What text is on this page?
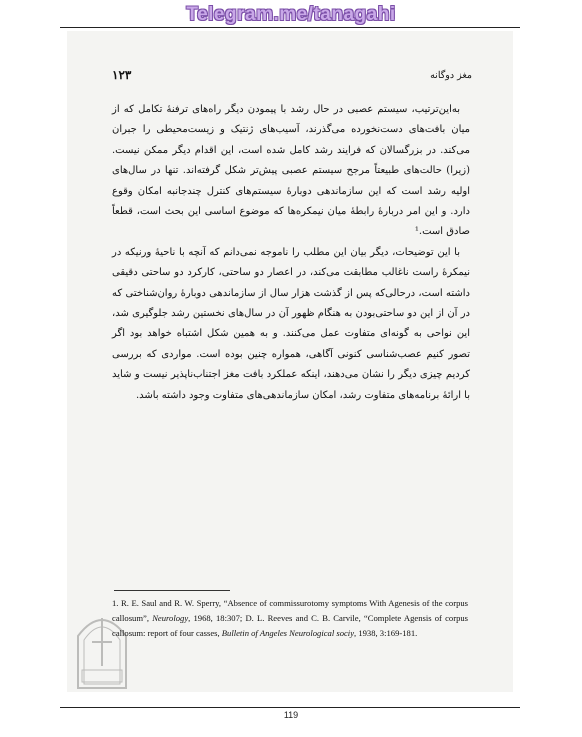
Telegram.me/tanagahi
مغز دوگانه
۱۲۳

به‌این‌ترتیب، سیستم عصبی در حال رشد با پیمودن دیگر راه‌های ترفنهٔ تکامل که از میان بافت‌های دست‌نخورده می‌گذرند، آسیب‌های ژنتیک و زیست‌محیطی را جبران می‌کند. در بزرگسالان که فرایند رشد کامل شده است، این اقدام دیگر ممکن نیست. (زیرا) حالت‌های طبیعتاً مرجح سیستم عصبی پیش‌تر شکل گرفته‌اند. تنها در سال‌های اولیه رشد است که این سازماندهی دوبارهٔ سیستم‌های کنترل چندجانبه امکان وقوع دارد. و این امر دربارهٔ رابطهٔ میان نیمکره‌ها که موضوع اساسی این بحث است، قطعاً صادق است.¹

با این توضیحات، دیگر بیان این مطلب را ناموجه نمی‌دانم که آنچه با ناحیهٔ ورنیکه در نیمکرهٔ راست ناغالب مطابقت می‌کند، در اعصار دو ساحتی، کارکرد دو ساحتی دقیقی داشته است، درحالی‌که پس از گذشت هزار سال از سازماندهی دوبارهٔ روان‌شناختی که در آن از این دو ساحتی‌بودن به هنگام ظهور آن در سال‌های نخستین رشد جلوگیری شد، این نواحی به گونه‌ای متفاوت عمل می‌کنند. و به همین شکل اشتباه خواهد بود اگر تصور کنیم عصب‌شناسی کنونی آگاهی، همواره چنین بوده است. مواردی که بررسی کردیم چیزی دیگر را نشان می‌دهند، اینکه عملکرد بافت مغز اجتناب‌ناپذیر نیست و شاید با ارائهٔ برنامه‌های متفاوت رشد، امکان سازماندهی‌های متفاوت وجود داشته باشد.

1. R. E. Saul and R. W. Sperry, “Absence of commissurotomy symptoms With Agenesis of the corpus callosum”, Neurology, 1968, 18:307; D. L. Reeves and C. B. Carvile, “Complete Agensis of corpus callosum: report of four casses, Bulletin of Angeles Neurological sociy, 1938, 3:169-181.
119
